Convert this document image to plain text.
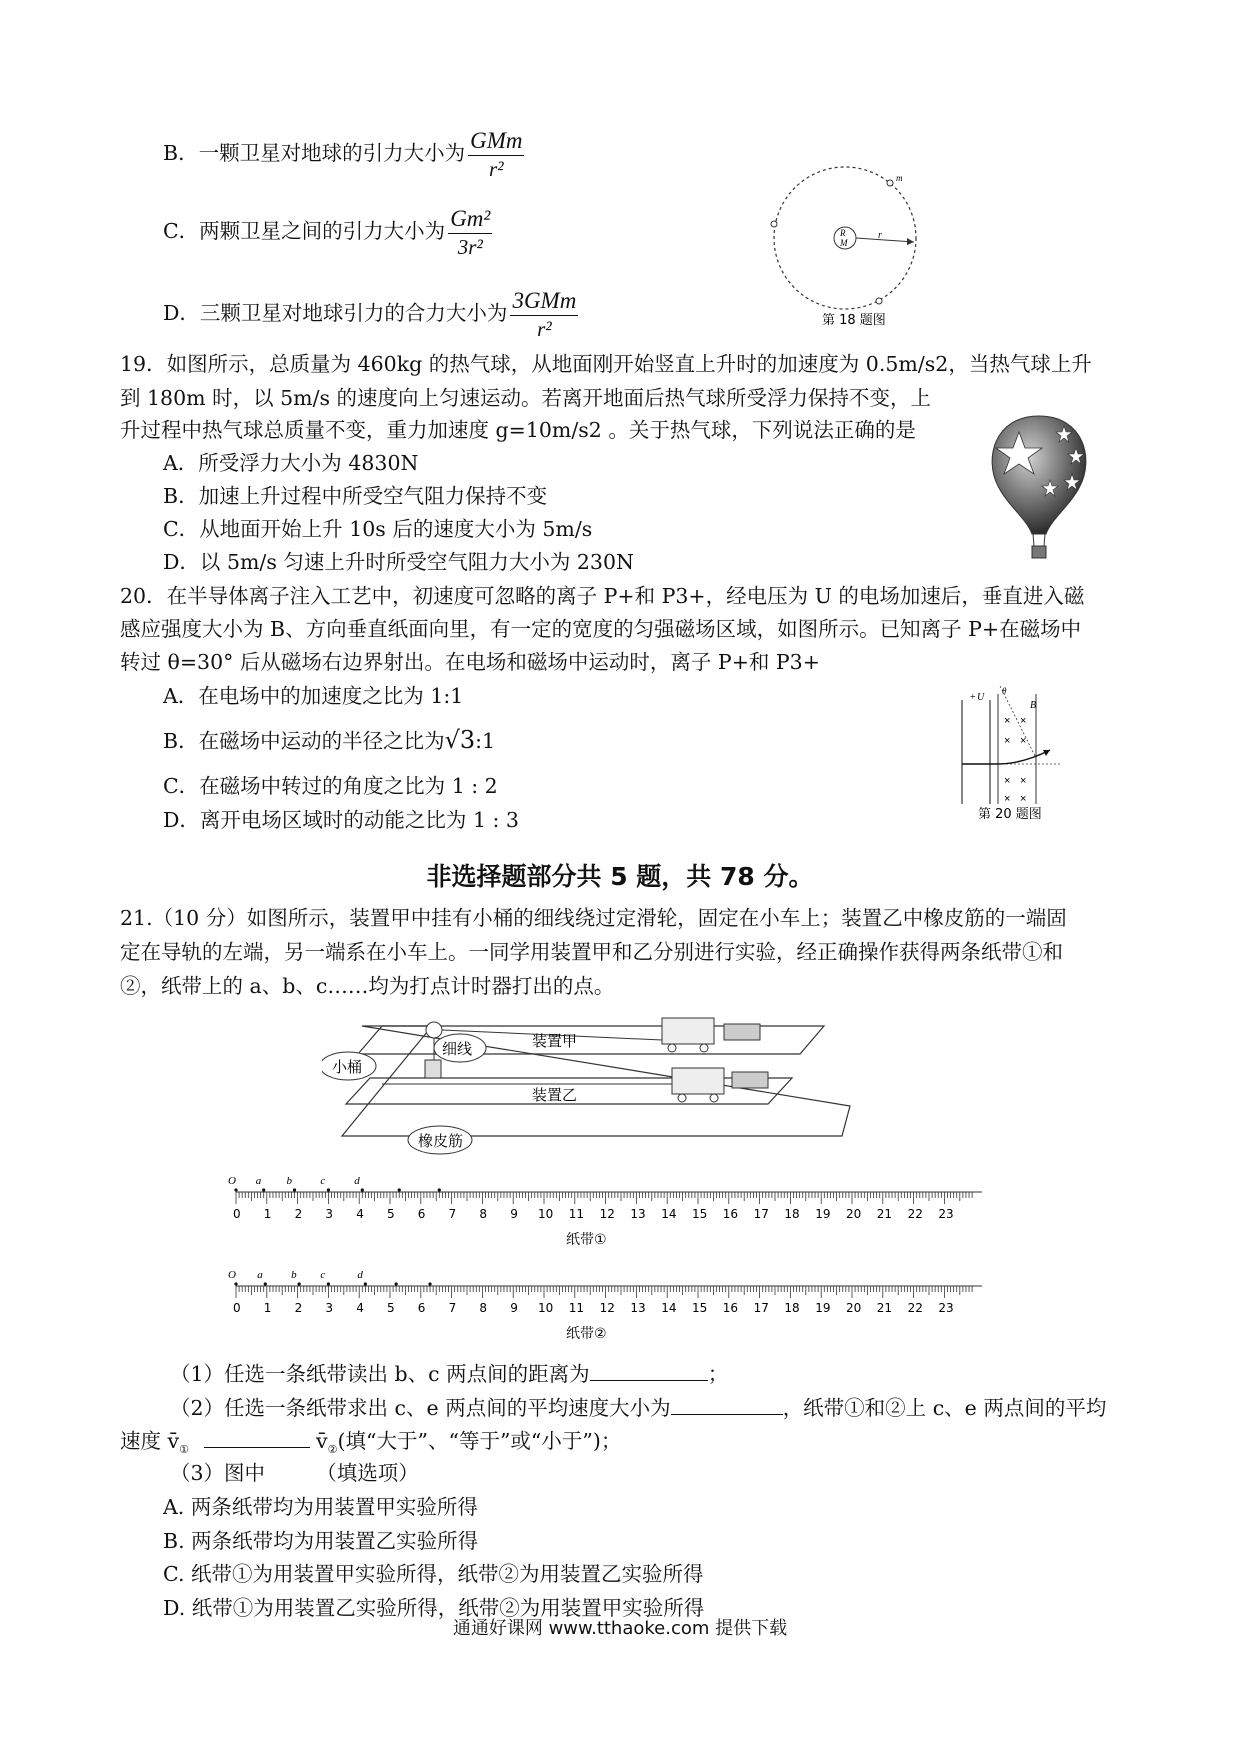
B．一颗卫星对地球的引力大小为 $\frac{\text{GMm}}{\text{r²}}$
C．两颗卫星之间的引力大小为 $\frac{\text{Gm²}}{\text{3r²}}$
D．三颗卫星对地球引力的合力大小为 $\frac{\text{3GMm}}{\text{r²}}$
R
M
r
m
第 18 题图
19．如图所示，总质量为 460kg 的热气球，从地面刚开始竖直上升时的加速度为 0.5m/s2，当热气球上升
到 180m 时，以 5m/s 的速度向上匀速运动。若离开地面后热气球所受浮力保持不变，上
升过程中热气球总质量不变，重力加速度 g=10m/s2 。关于热气球，下列说法正确的是
A．所受浮力大小为 4830N
B．加速上升过程中所受空气阻力保持不变
C．从地面开始上升 10s 后的速度大小为 5m/s
D．以 5m/s 匀速上升时所受空气阻力大小为 230N
20．在半导体离子注入工艺中，初速度可忽略的离子 P+和 P3+，经电压为 U 的电场加速后，垂直进入磁
感应强度大小为 B、方向垂直纸面向里，有一定的宽度的匀强磁场区域，如图所示。已知离子 P+在磁场中
转过 θ=30° 后从磁场右边界射出。在电场和磁场中运动时，离子 P+和 P3+
A．在电场中的加速度之比为 1:1
B．在磁场中运动的半径之比为√3:1
C．在磁场中转过的角度之比为 1 : 2
D．离开电场区域时的动能之比为 1 : 3
+ U
B
θ
× ×
× ×
× ×
× ×
第 20 题图
非选择题部分共 5 题，共 78 分。
21.（10 分）如图所示，装置甲中挂有小桶的细线绕过定滑轮，固定在小车上；装置乙中橡皮筋的一端固
定在导轨的左端，另一端系在小车上。一同学用装置甲和乙分别进行实验，经正确操作获得两条纸带①和
②，纸带上的 a、b、c……均为打点计时器打出的点。
小桶
细线	装置甲
装置乙
橡皮筋
O a b	c	d
0 1 2 3 4 5 6 7 8 9 10 11 12 13 14 15 16 17 18 19 20 21 22 23
纸带①
O a	b c	d
0 1 2 3 4 5 6 7 8 9 10 11 12 13 14 15 16 17 18 19 20 21 22 23
纸带②
（1）任选一条纸带读出 b、c 两点间的距离为	；
（2）任选一条纸带求出 c、e 两点间的平均速度大小为	，纸带①和②上 c、e 两点间的平均
速度 $v̄_①$	$v̄_②$(填“大于”、“等于”或“小于”)；
（3）图中　　　（填选项）
A. 两条纸带均为用装置甲实验所得
B. 两条纸带均为用装置乙实验所得
C. 纸带①为用装置甲实验所得，纸带②为用装置乙实验所得
D. 纸带①为用装置乙实验所得，纸带②为用装置甲实验所得
通通好课网 www.tthaoke.com 提供下载
